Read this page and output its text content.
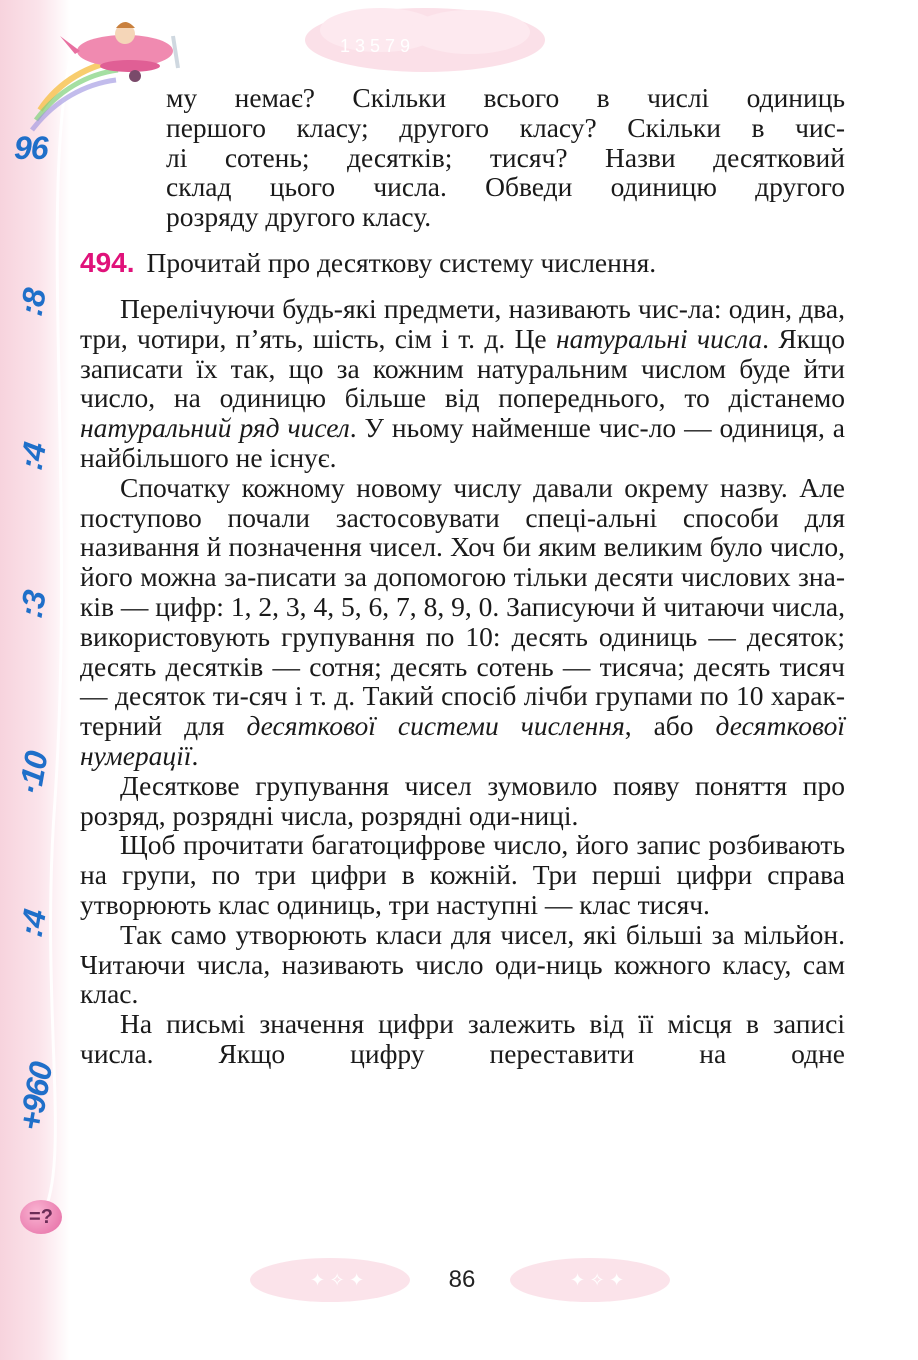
1 3 5 7 9
96
:8
:4
:3
·10
:4
+960
=?
му немає? Скільки всього в числі одиниць
першого класу; другого класу? Скільки в чис-
лі сотень; десятків; тисяч? Назви десятковий
склад цього числа. Обведи одиницю другого
розряду другого класу.
494. Прочитай про десяткову систему числення.

Перелічуючи будь-які предмети, називають чис-ла: один, два, три, чотири, п’ять, шість, сім і т. д. Це натуральні числа. Якщо записати їх так, що за кожним натуральним числом буде йти число, на одиницю більше від попереднього, то дістанемо натуральний ряд чисел. У ньому найменше чис-ло — одиниця, а найбільшого не існує.

Спочатку кожному новому числу давали окрему назву. Але поступово почали застосовувати спеці-альні способи для називання й позначення чисел. Хоч би яким великим було число, його можна за-писати за допомогою тільки десяти числових зна-ків — цифр: 1, 2, 3, 4, 5, 6, 7, 8, 9, 0. Записуючи й читаючи числа, використовують групування по 10: десять одиниць — десяток; десять десятків — сотня; десять сотень — тисяча; десять тисяч — десяток ти-сяч і т. д. Такий спосіб лічби групами по 10 харак-терний для десяткової системи числення, або десяткової нумерації.

Десяткове групування чисел зумовило появу поняття про розряд, розрядні числа, розрядні оди-ниці.

Щоб прочитати багатоцифрове число, його запис розбивають на групи, по три цифри в кожній. Три перші цифри справа утворюють клас одиниць, три наступні — клас тисяч.

Так само утворюють класи для чисел, які більші за мільйон. Читаючи числа, називають число оди-ниць кожного класу, сам клас.

На письмі значення цифри залежить від її місця в записі числа. Якщо цифру переставити на одне

✦ ✧ ✦	✦ ✧ ✦
86
